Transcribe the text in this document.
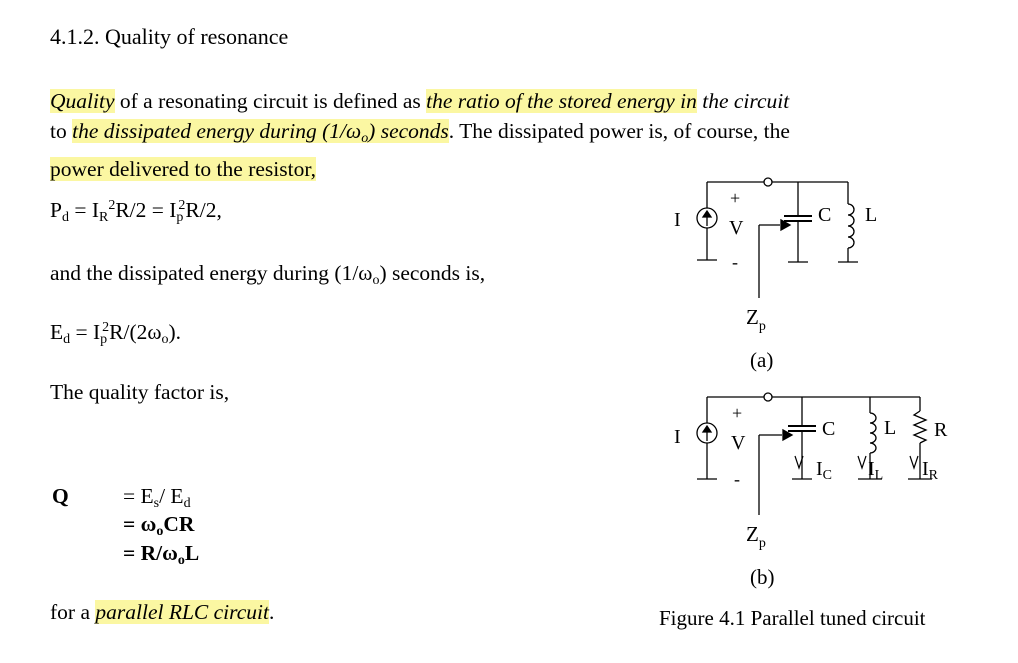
4.1.2. Quality of resonance
Quality of a resonating circuit is defined as the ratio of the stored energy in the circuit
to the dissipated energy during $(1/\omega_o)$ seconds. The dissipated power is, of course, the
power delivered to the resistor,
$P_d = I_R^2R/2 = I_p^2R/2$,
and the dissipated energy during $(1/\omega_o)$ seconds is,
$E_d = I_p^2R/(2\omega_o)$.
The quality factor is,
Q	= $E_s/$ $E_d$
= $\omega_oCR$
= $R/\omega_oL$
for a parallel RLC circuit.
I
+
V
-
C L
$Z_p$
(a)
I
+
V
-
C L R
$I_C$ $I_L$ $I_R$
$Z_p$
(b)
Figure 4.1 Parallel tuned circuit
